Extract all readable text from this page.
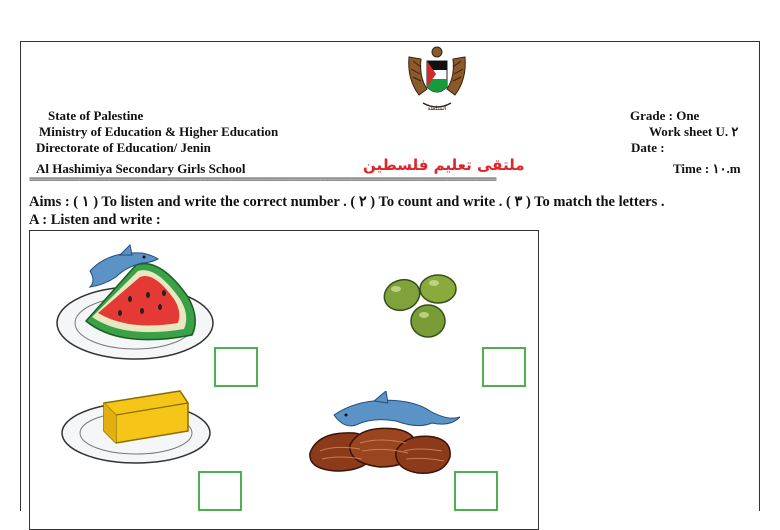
السلطة
State of Palestine
Ministry of Education & Higher Education
Directorate of Education/ Jenin
Al Hashimiya Secondary Girls School	ملتقى تعليم فلسطين
Grade : One
Work sheet U. ٢
Date :
Time : ١٠.m
=============================================================================================
Aims : ( ١ ) To listen and write the correct number . ( ٢ ) To count and write . ( ٣ ) To match the letters .
A : Listen and write :
